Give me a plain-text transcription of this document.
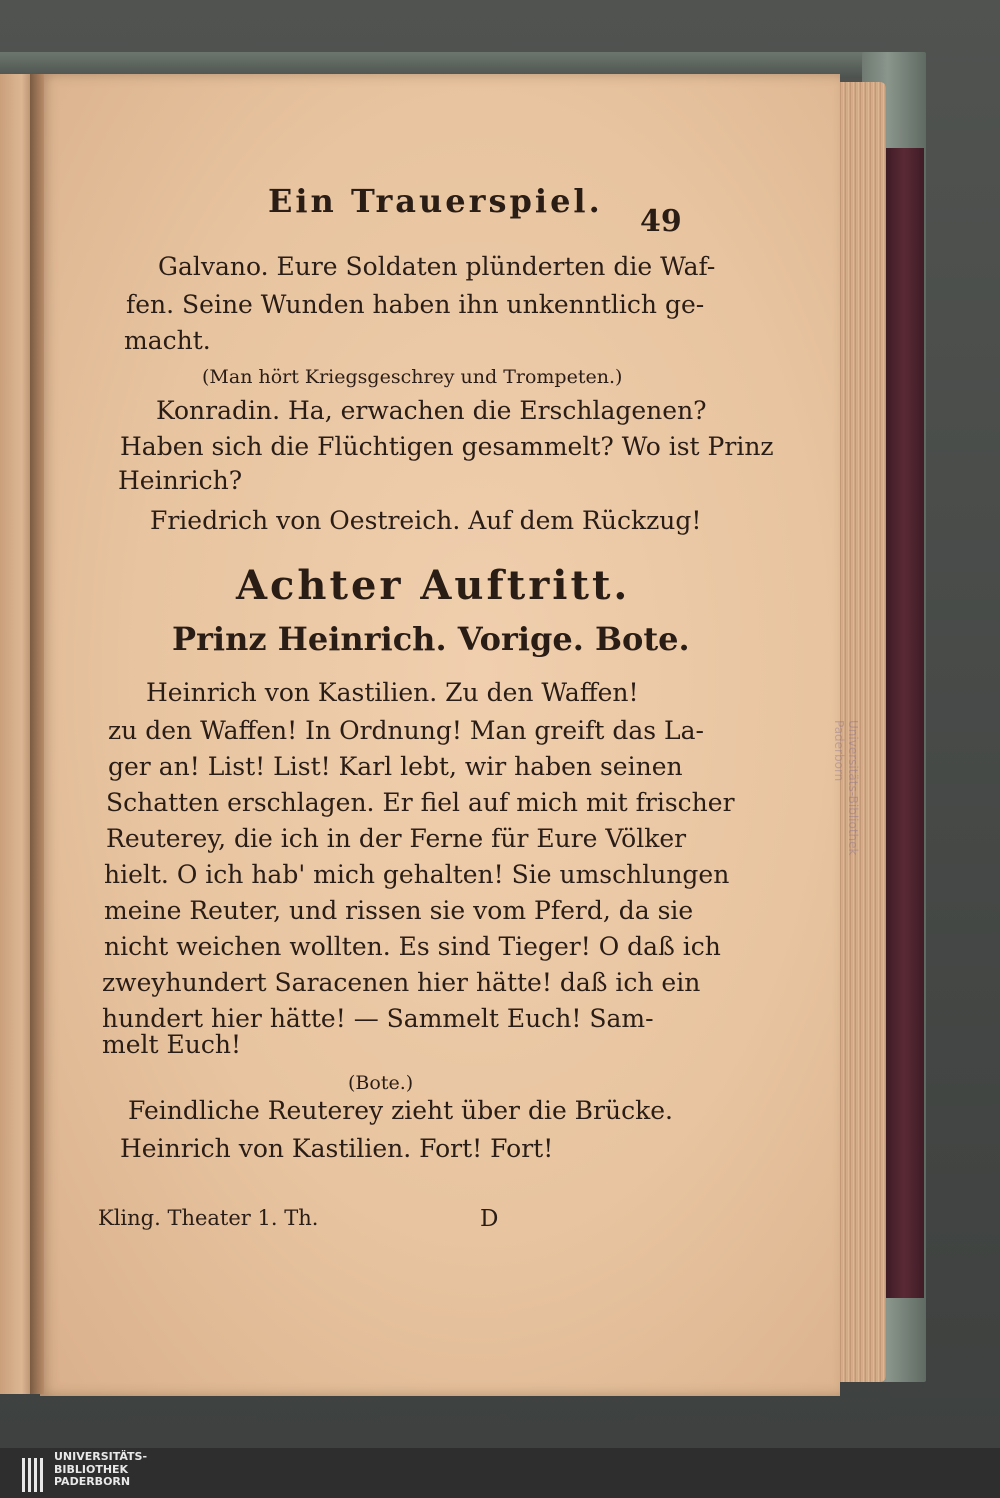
Ein Trauerspiel.
49
Galvano. Eure Soldaten plünderten die Waf-
fen. Seine Wunden haben ihn unkenntlich ge-
macht.
(Man hört Kriegsgeschrey und Trompeten.)
Konradin. Ha, erwachen die Erschlagenen?
Haben sich die Flüchtigen gesammelt? Wo ist Prinz
Heinrich?
Friedrich von Oestreich. Auf dem Rückzug!
Achter Auftritt.
Prinz Heinrich. Vorige. Bote.
Heinrich von Kastilien. Zu den Waffen!
zu den Waffen! In Ordnung! Man greift das La-
ger an! List! List! Karl lebt, wir haben seinen
Schatten erschlagen. Er fiel auf mich mit frischer
Reuterey, die ich in der Ferne für Eure Völker
hielt. O ich hab' mich gehalten! Sie umschlungen
meine Reuter, und rissen sie vom Pferd, da sie
nicht weichen wollten. Es sind Tieger! O daß ich
zweyhundert Saracenen hier hätte! daß ich ein
hundert hier hätte! — Sammelt Euch! Sam-
melt Euch!
(Bote.)
Feindliche Reuterey zieht über die Brücke.
Heinrich von Kastilien. Fort! Fort!
Kling. Theater 1. Th.	D
Universitäts-Bibliothek Paderborn
UNIVERSITÄTS-
BIBLIOTHEK
PADERBORN
